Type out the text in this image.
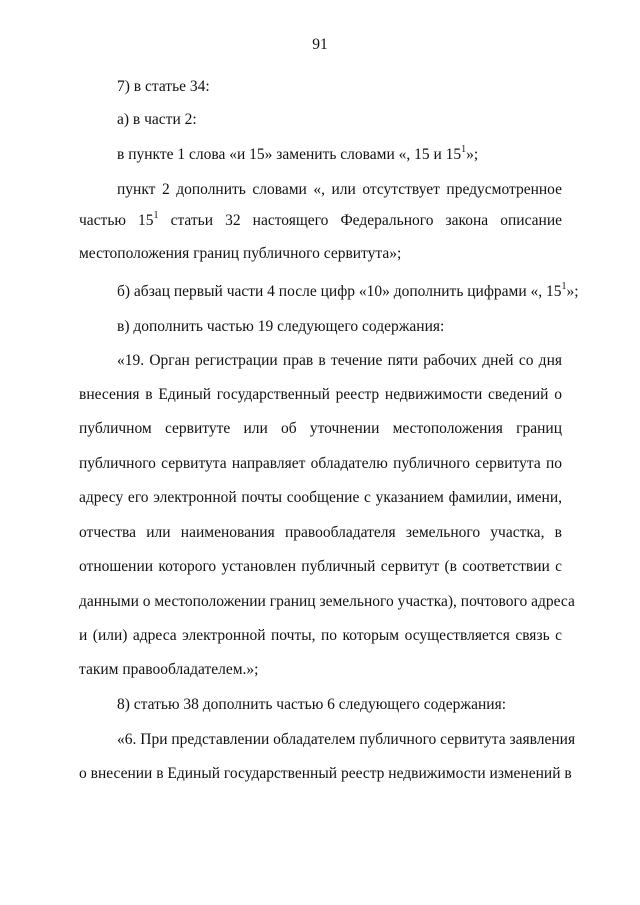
91
7) в статье 34:
а) в части 2:
в пункте 1 слова «и 15» заменить словами «, 15 и $15^1$»;
пункт 2 дополнить словами «, или отсутствует предусмотренное
частью $15^1$ статьи 32 настоящего Федерального закона описание
местоположения границ публичного сервитута»;
б) абзац первый части 4 после цифр «10» дополнить цифрами «, $15^1$»;
в) дополнить частью 19 следующего содержания:
«19. Орган регистрации прав в течение пяти рабочих дней со дня
внесения в Единый государственный реестр недвижимости сведений о
публичном сервитуте или об уточнении местоположения границ
публичного сервитута направляет обладателю публичного сервитута по
адресу его электронной почты сообщение с указанием фамилии, имени,
отчества или наименования правообладателя земельного участка, в
отношении которого установлен публичный сервитут (в соответствии с
данными о местоположении границ земельного участка), почтового адреса
и (или) адреса электронной почты, по которым осуществляется связь с
таким правообладателем.»;
8) статью 38 дополнить частью 6 следующего содержания:
«6. При представлении обладателем публичного сервитута заявления
о внесении в Единый государственный реестр недвижимости изменений в
